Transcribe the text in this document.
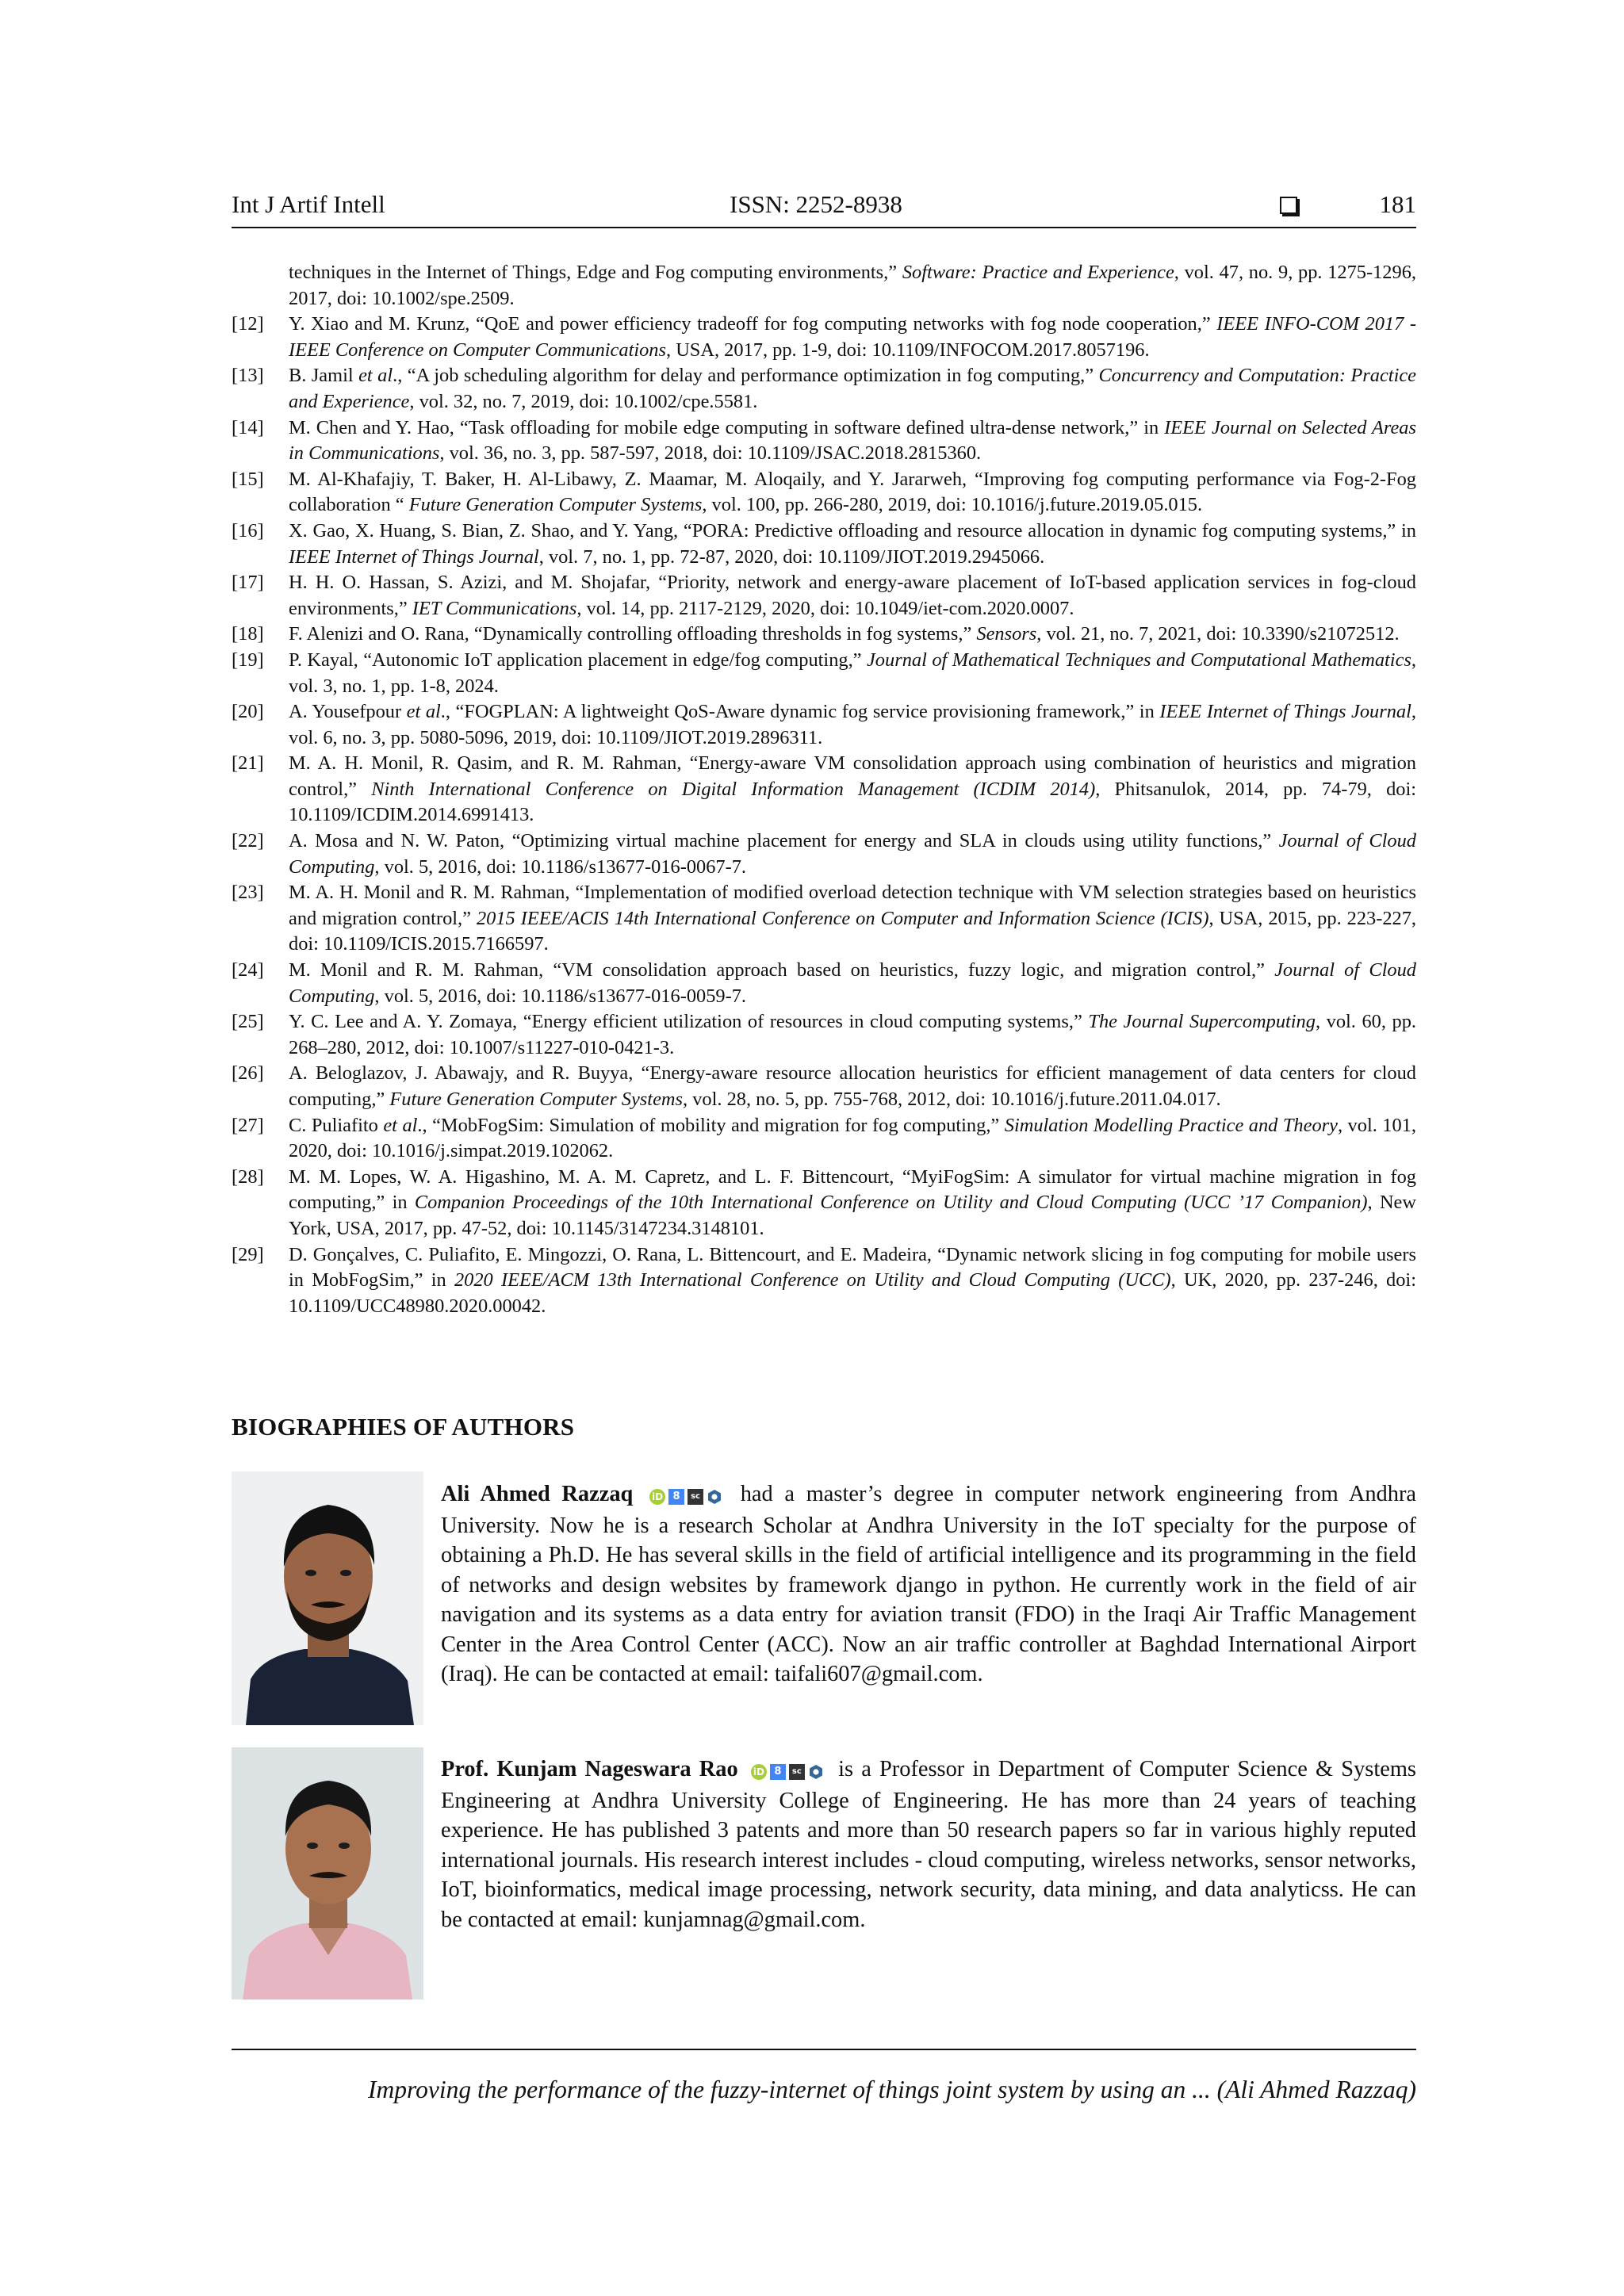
Int J Artif Intell	ISSN: 2252-8938	181
techniques in the Internet of Things, Edge and Fog computing environments,” Software: Practice and Experience, vol. 47, no. 9, pp. 1275-1296, 2017, doi: 10.1002/spe.2509.
[12] Y. Xiao and M. Krunz, “QoE and power efficiency tradeoff for fog computing networks with fog node cooperation,” IEEE INFO-COM 2017 - IEEE Conference on Computer Communications, USA, 2017, pp. 1-9, doi: 10.1109/INFOCOM.2017.8057196.
[13] B. Jamil et al., “A job scheduling algorithm for delay and performance optimization in fog computing,” Concurrency and Computation: Practice and Experience, vol. 32, no. 7, 2019, doi: 10.1002/cpe.5581.
[14] M. Chen and Y. Hao, “Task offloading for mobile edge computing in software defined ultra-dense network,” in IEEE Journal on Selected Areas in Communications, vol. 36, no. 3, pp. 587-597, 2018, doi: 10.1109/JSAC.2018.2815360.
[15] M. Al-Khafajiy, T. Baker, H. Al-Libawy, Z. Maamar, M. Aloqaily, and Y. Jararweh, “Improving fog computing performance via Fog-2-Fog collaboration “ Future Generation Computer Systems, vol. 100, pp. 266-280, 2019, doi: 10.1016/j.future.2019.05.015.
[16] X. Gao, X. Huang, S. Bian, Z. Shao, and Y. Yang, “PORA: Predictive offloading and resource allocation in dynamic fog computing systems,” in IEEE Internet of Things Journal, vol. 7, no. 1, pp. 72-87, 2020, doi: 10.1109/JIOT.2019.2945066.
[17] H. H. O. Hassan, S. Azizi, and M. Shojafar, “Priority, network and energy-aware placement of IoT-based application services in fog-cloud environments,” IET Communications, vol. 14, pp. 2117-2129, 2020, doi: 10.1049/iet-com.2020.0007.
[18] F. Alenizi and O. Rana, “Dynamically controlling offloading thresholds in fog systems,” Sensors, vol. 21, no. 7, 2021, doi: 10.3390/s21072512.
[19] P. Kayal, “Autonomic IoT application placement in edge/fog computing,” Journal of Mathematical Techniques and Computational Mathematics, vol. 3, no. 1, pp. 1-8, 2024.
[20] A. Yousefpour et al., “FOGPLAN: A lightweight QoS-Aware dynamic fog service provisioning framework,” in IEEE Internet of Things Journal, vol. 6, no. 3, pp. 5080-5096, 2019, doi: 10.1109/JIOT.2019.2896311.
[21] M. A. H. Monil, R. Qasim, and R. M. Rahman, “Energy-aware VM consolidation approach using combination of heuristics and migration control,” Ninth International Conference on Digital Information Management (ICDIM 2014), Phitsanulok, 2014, pp. 74-79, doi: 10.1109/ICDIM.2014.6991413.
[22] A. Mosa and N. W. Paton, “Optimizing virtual machine placement for energy and SLA in clouds using utility functions,” Journal of Cloud Computing, vol. 5, 2016, doi: 10.1186/s13677-016-0067-7.
[23] M. A. H. Monil and R. M. Rahman, “Implementation of modified overload detection technique with VM selection strategies based on heuristics and migration control,” 2015 IEEE/ACIS 14th International Conference on Computer and Information Science (ICIS), USA, 2015, pp. 223-227, doi: 10.1109/ICIS.2015.7166597.
[24] M. Monil and R. M. Rahman, “VM consolidation approach based on heuristics, fuzzy logic, and migration control,” Journal of Cloud Computing, vol. 5, 2016, doi: 10.1186/s13677-016-0059-7.
[25] Y. C. Lee and A. Y. Zomaya, “Energy efficient utilization of resources in cloud computing systems,” The Journal Supercomputing, vol. 60, pp. 268–280, 2012, doi: 10.1007/s11227-010-0421-3.
[26] A. Beloglazov, J. Abawajy, and R. Buyya, “Energy-aware resource allocation heuristics for efficient management of data centers for cloud computing,” Future Generation Computer Systems, vol. 28, no. 5, pp. 755-768, 2012, doi: 10.1016/j.future.2011.04.017.
[27] C. Puliafito et al., “MobFogSim: Simulation of mobility and migration for fog computing,” Simulation Modelling Practice and Theory, vol. 101, 2020, doi: 10.1016/j.simpat.2019.102062.
[28] M. M. Lopes, W. A. Higashino, M. A. M. Capretz, and L. F. Bittencourt, “MyiFogSim: A simulator for virtual machine migration in fog computing,” in Companion Proceedings of the 10th International Conference on Utility and Cloud Computing (UCC ’17 Companion), New York, USA, 2017, pp. 47-52, doi: 10.1145/3147234.3148101.
[29] D. Gonçalves, C. Puliafito, E. Mingozzi, O. Rana, L. Bittencourt, and E. Madeira, “Dynamic network slicing in fog computing for mobile users in MobFogSim,” in 2020 IEEE/ACM 13th International Conference on Utility and Cloud Computing (UCC), UK, 2020, pp. 237-246, doi: 10.1109/UCC48980.2020.00042.
BIOGRAPHIES OF AUTHORS

Ali Ahmed Razzaq iD 8 sc had a master’s degree in computer network engineering from Andhra University. Now he is a research Scholar at Andhra University in the IoT specialty for the purpose of obtaining a Ph.D. He has several skills in the field of artificial intelligence and its programming in the field of networks and design websites by framework django in python. He currently work in the field of air navigation and its systems as a data entry for aviation transit (FDO) in the Iraqi Air Traffic Management Center in the Area Control Center (ACC). Now an air traffic controller at Baghdad International Airport (Iraq). He can be contacted at email: taifali607@gmail.com.

Prof. Kunjam Nageswara Rao iD 8 sc is a Professor in Department of Computer Science & Systems Engineering at Andhra University College of Engineering. He has more than 24 years of teaching experience. He has published 3 patents and more than 50 research papers so far in various highly reputed international journals. His research interest includes - cloud computing, wireless networks, sensor networks, IoT, bioinformatics, medical image processing, network security, data mining, and data analyticss. He can be contacted at email: kunjamnag@gmail.com.

Improving the performance of the fuzzy-internet of things joint system by using an ... (Ali Ahmed Razzaq)
